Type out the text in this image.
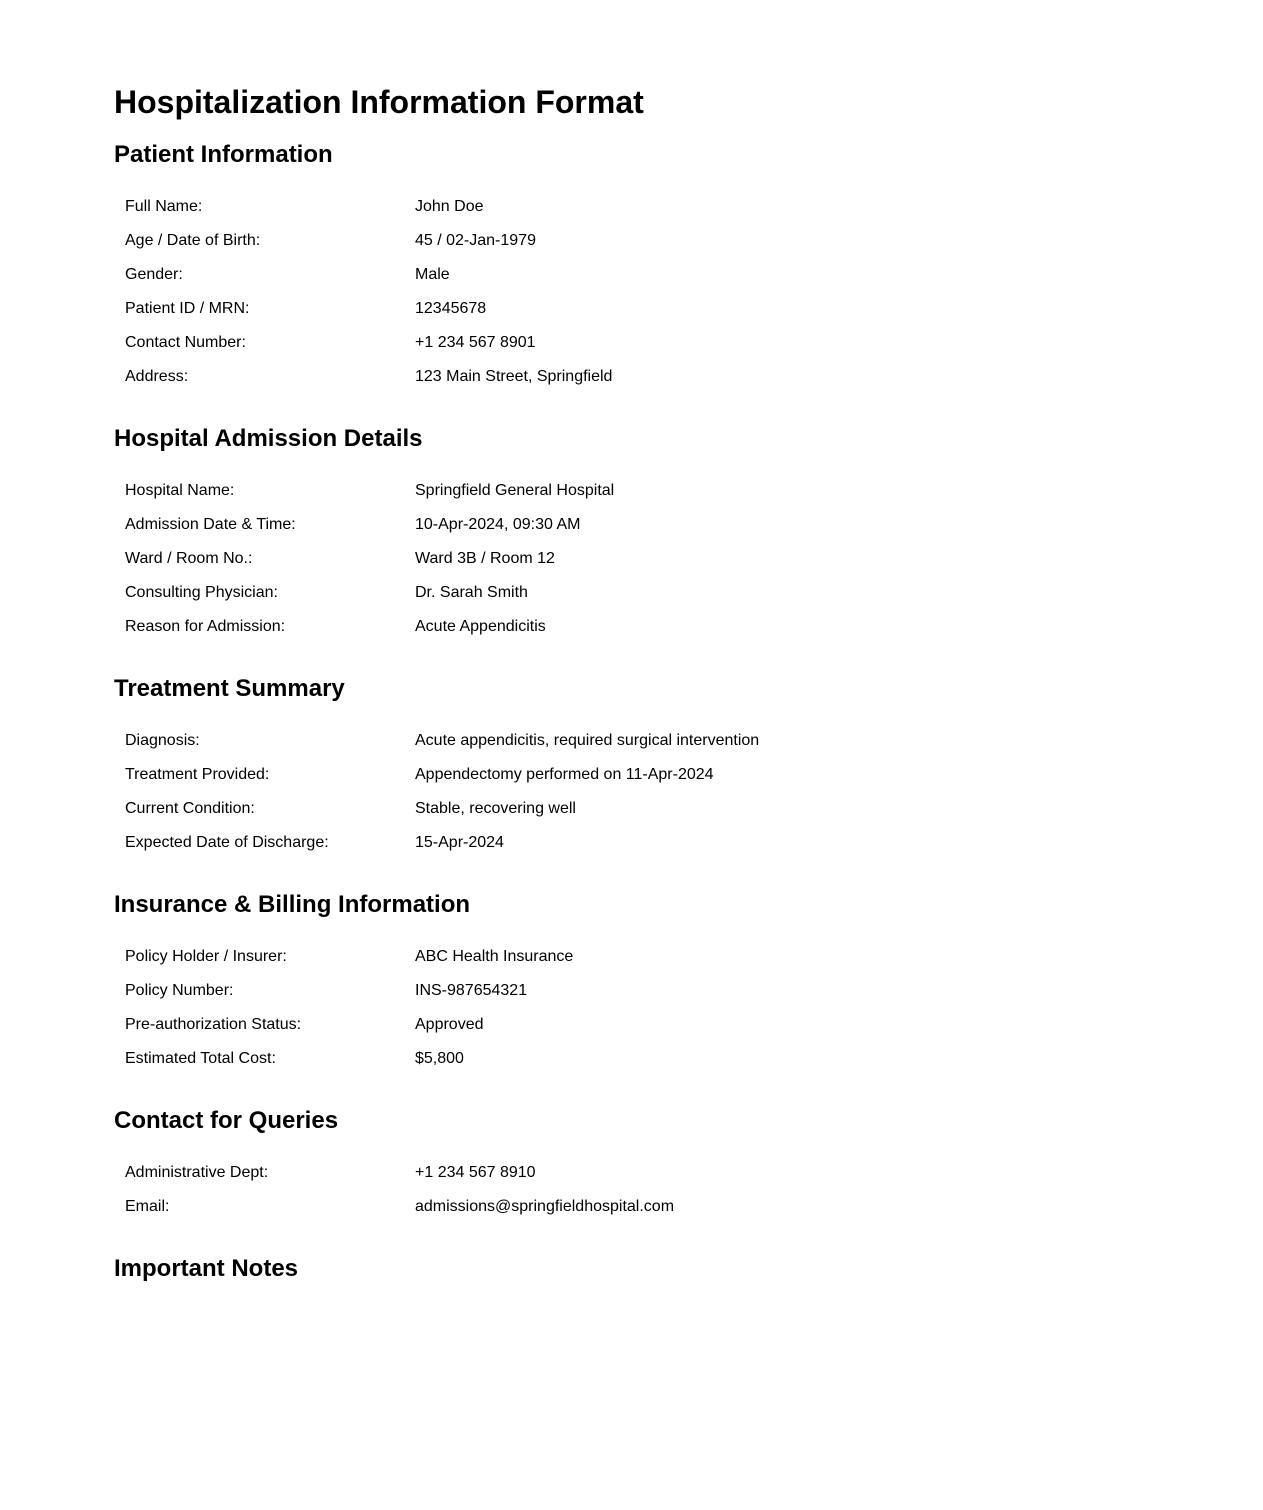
Hospitalization Information Format
Patient Information
Full Name:	John Doe
Age / Date of Birth:	45 / 02-Jan-1979
Gender:	Male
Patient ID / MRN:	12345678
Contact Number:	+1 234 567 8901
Address:	123 Main Street, Springfield
Hospital Admission Details
Hospital Name:	Springfield General Hospital
Admission Date & Time:	10-Apr-2024, 09:30 AM
Ward / Room No.:	Ward 3B / Room 12
Consulting Physician:	Dr. Sarah Smith
Reason for Admission:	Acute Appendicitis
Treatment Summary
Diagnosis:	Acute appendicitis, required surgical intervention
Treatment Provided:	Appendectomy performed on 11-Apr-2024
Current Condition:	Stable, recovering well
Expected Date of Discharge:	15-Apr-2024
Insurance & Billing Information
Policy Holder / Insurer:	ABC Health Insurance
Policy Number:	INS-987654321
Pre-authorization Status:	Approved
Estimated Total Cost:	$5,800
Contact for Queries
Administrative Dept:	+1 234 567 8910
Email:	admissions@springfieldhospital.com
Important Notes
